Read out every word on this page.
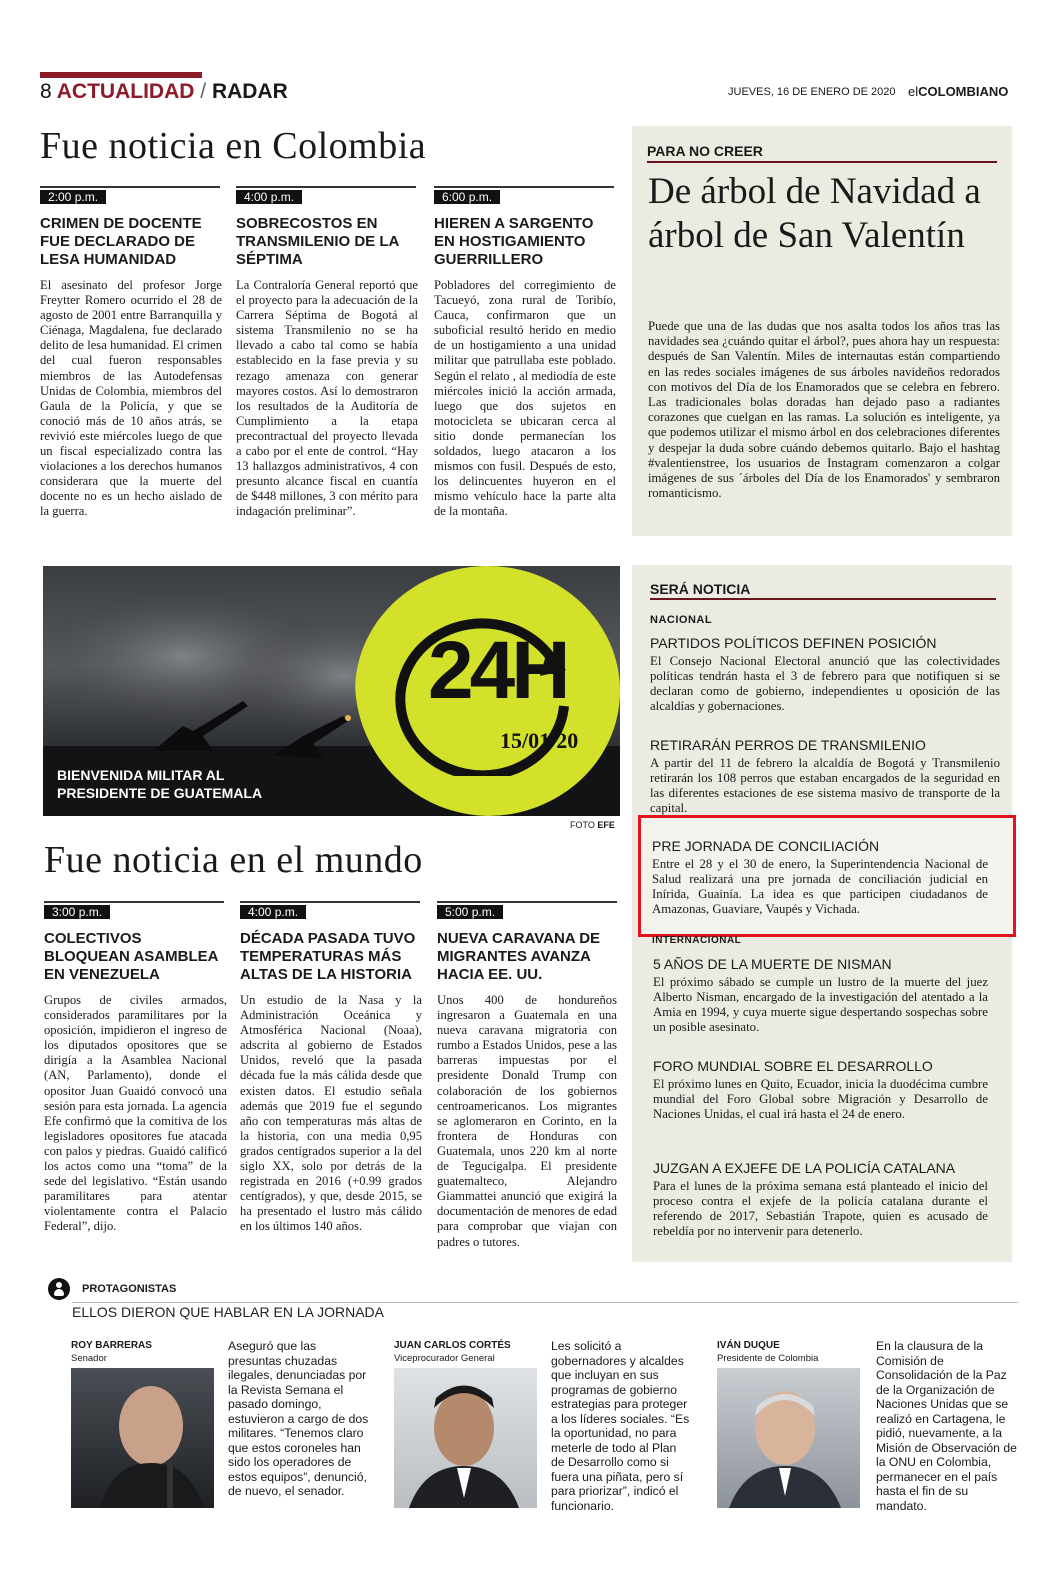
8 ACTUALIDAD / RADAR	JUEVES, 16 DE ENERO DE 2020 elCOLOMBIANO
Fue noticia en Colombia
2:00 p.m.
CRIMEN DE DOCENTE FUE DECLARADO DE LESA HUMANIDAD
El asesinato del profesor Jorge Freytter Romero ocurrido el 28 de agosto de 2001 entre Barranquilla y Ciénaga, Magdalena, fue declarado delito de lesa humanidad. El crimen del cual fueron responsables miembros de las Autodefensas Unidas de Colombia, miembros del Gaula de la Policía, y que se conoció más de 10 años atrás, se revivió este miércoles luego de que un fiscal especializado contra las violaciones a los derechos humanos considerara que la muerte del docente no es un hecho aislado de la guerra.
4:00 p.m.
SOBRECOSTOS EN TRANSMILENIO DE LA SÉPTIMA
La Contraloría General reportó que el proyecto para la adecuación de la Carrera Séptima de Bogotá al sistema Transmilenio no se ha llevado a cabo tal como se había establecido en la fase previa y su rezago amenaza con generar mayores costos. Así lo demostraron los resultados de la Auditoría de Cumplimiento a la etapa precontractual del proyecto llevada a cabo por el ente de control. “Hay 13 hallazgos administrativos, 4 con presunto alcance fiscal en cuantía de $448 millones, 3 con mérito para indagación preliminar”.
6:00 p.m.
HIEREN A SARGENTO EN HOSTIGAMIENTO GUERRILLERO
Pobladores del corregimiento de Tacueyó, zona rural de Toribío, Cauca, confirmaron que un suboficial resultó herido en medio de un hostigamiento a una unidad militar que patrullaba este poblado. Según el relato , al mediodía de este miércoles inició la acción armada, luego que dos sujetos en motocicleta se ubicaran cerca al sitio donde permanecían los soldados, luego atacaron a los mismos con fusil. Después de esto, los delincuentes huyeron en el mismo vehículo hace la parte alta de la montaña.
PARA NO CREER
De árbol de Navidad a árbol de San Valentín
Puede que una de las dudas que nos asalta todos los años tras las navidades sea ¿cuándo quitar el árbol?, pues ahora hay un respuesta: después de San Valentín. Miles de internautas están compartiendo en las redes sociales imágenes de sus árboles navideños redorados con motivos del Día de los Enamorados que se celebra en febrero. Las tradicionales bolas doradas han dejado paso a radiantes corazones que cuelgan en las ramas. La solución es inteligente, ya que podemos utilizar el mismo árbol en dos celebraciones diferentes y despejar la duda sobre cuándo debemos quitarlo. Bajo el hashtag #valentienstree, los usuarios de Instagram comenzaron a colgar imágenes de sus ´árboles del Día de los Enamorados' y sembraron romanticismo.
24H
15/01/20
BIENVENIDA MILITAR AL PRESIDENTE DE GUATEMALA
FOTO EFE
Fue noticia en el mundo
3:00 p.m.
COLECTIVOS BLOQUEAN ASAMBLEA EN VENEZUELA
Grupos de civiles armados, considerados paramilitares por la oposición, impidieron el ingreso de los diputados opositores que se dirigía a la Asamblea Nacional (AN, Parlamento), donde el opositor Juan Guaidó convocó una sesión para esta jornada. La agencia Efe confirmó que la comitiva de los legisladores opositores fue atacada con palos y piedras. Guaidó calificó los actos como una “toma” de la sede del legislativo. “Están usando paramilitares para atentar violentamente contra el Palacio Federal”, dijo.
4:00 p.m.
DÉCADA PASADA TUVO TEMPERATURAS MÁS ALTAS DE LA HISTORIA
Un estudio de la Nasa y la Administración Oceánica y Atmosférica Nacional (Noaa), adscrita al gobierno de Estados Unidos, reveló que la pasada década fue la más cálida desde que existen datos. El estudio señala además que 2019 fue el segundo año con temperaturas más altas de la historia, con una media 0,95 grados centígrados superior a la del siglo XX, solo por detrás de la registrada en 2016 (+0.99 grados centígrados), y que, desde 2015, se ha presentado el lustro más cálido en los últimos 140 años.
5:00 p.m.
NUEVA CARAVANA DE MIGRANTES AVANZA HACIA EE. UU.
Unos 400 de hondureños ingresaron a Guatemala en una nueva caravana migratoria con rumbo a Estados Unidos, pese a las barreras impuestas por el presidente Donald Trump con colaboración de los gobiernos centroamericanos. Los migrantes se aglomeraron en Corinto, en la frontera de Honduras con Guatemala, unos 220 km al norte de Tegucigalpa. El presidente guatemalteco, Alejandro Giammattei anunció que exigirá la documentación de menores de edad para comprobar que viajan con padres o tutores.
SERÁ NOTICIA
NACIONAL
PARTIDOS POLÍTICOS DEFINEN POSICIÓN
El Consejo Nacional Electoral anunció que las colectividades políticas tendrán hasta el 3 de febrero para que notifiquen si se declaran como de gobierno, independientes u oposición de las alcaldías y gobernaciones.
RETIRARÁN PERROS DE TRANSMILENIO
A partir del 11 de febrero la alcaldía de Bogotá y Transmilenio retirarán los 108 perros que estaban encargados de la seguridad en las diferentes estaciones de ese sistema masivo de transporte de la capital.
PRE JORNADA DE CONCILIACIÓN
Entre el 28 y el 30 de enero, la Superintendencia Nacional de Salud realizará una pre jornada de conciliación judicial en Inírida, Guainía. La idea es que participen ciudadanos de Amazonas, Guaviare, Vaupés y Vichada.
INTERNACIONAL
5 AÑOS DE LA MUERTE DE NISMAN
El próximo sábado se cumple un lustro de la muerte del juez Alberto Nisman, encargado de la investigación del atentado a la Amia en 1994, y cuya muerte sigue despertando sospechas sobre un posible asesinato.
FORO MUNDIAL SOBRE EL DESARROLLO
El próximo lunes en Quito, Ecuador, inicia la duodécima cumbre mundial del Foro Global sobre Migración y Desarrollo de Naciones Unidas, el cual irá hasta el 24 de enero.
JUZGAN A EXJEFE DE LA POLICÍA CATALANA
Para el lunes de la próxima semana está planteado el inicio del proceso contra el exjefe de la policía catalana durante el referendo de 2017, Sebastián Trapote, quien es acusado de rebeldía por no intervenir para detenerlo.
PROTAGONISTAS
ELLOS DIERON QUE HABLAR EN LA JORNADA
ROY BARRERAS
Senador
Aseguró que las presuntas chuzadas ilegales, denunciadas por la Revista Semana el pasado domingo, estuvieron a cargo de dos militares. “Tenemos claro que estos coroneles han sido los operadores de estos equipos”, denunció, de nuevo, el senador.
JUAN CARLOS CORTÉS
Viceprocurador General
Les solicitó a gobernadores y alcaldes que incluyan en sus programas de gobierno estrategias para proteger a los líderes sociales. “Es la oportunidad, no para meterle de todo al Plan de Desarrollo como si fuera una piñata, pero sí para priorizar”, indicó el funcionario.
IVÁN DUQUE
Presidente de Colombia
En la clausura de la Comisión de Consolidación de la Paz de la Organización de Naciones Unidas que se realizó en Cartagena, le pidió, nuevamente, a la Misión de Observación de la ONU en Colombia, permanecer en el país hasta el fin de su mandato.
